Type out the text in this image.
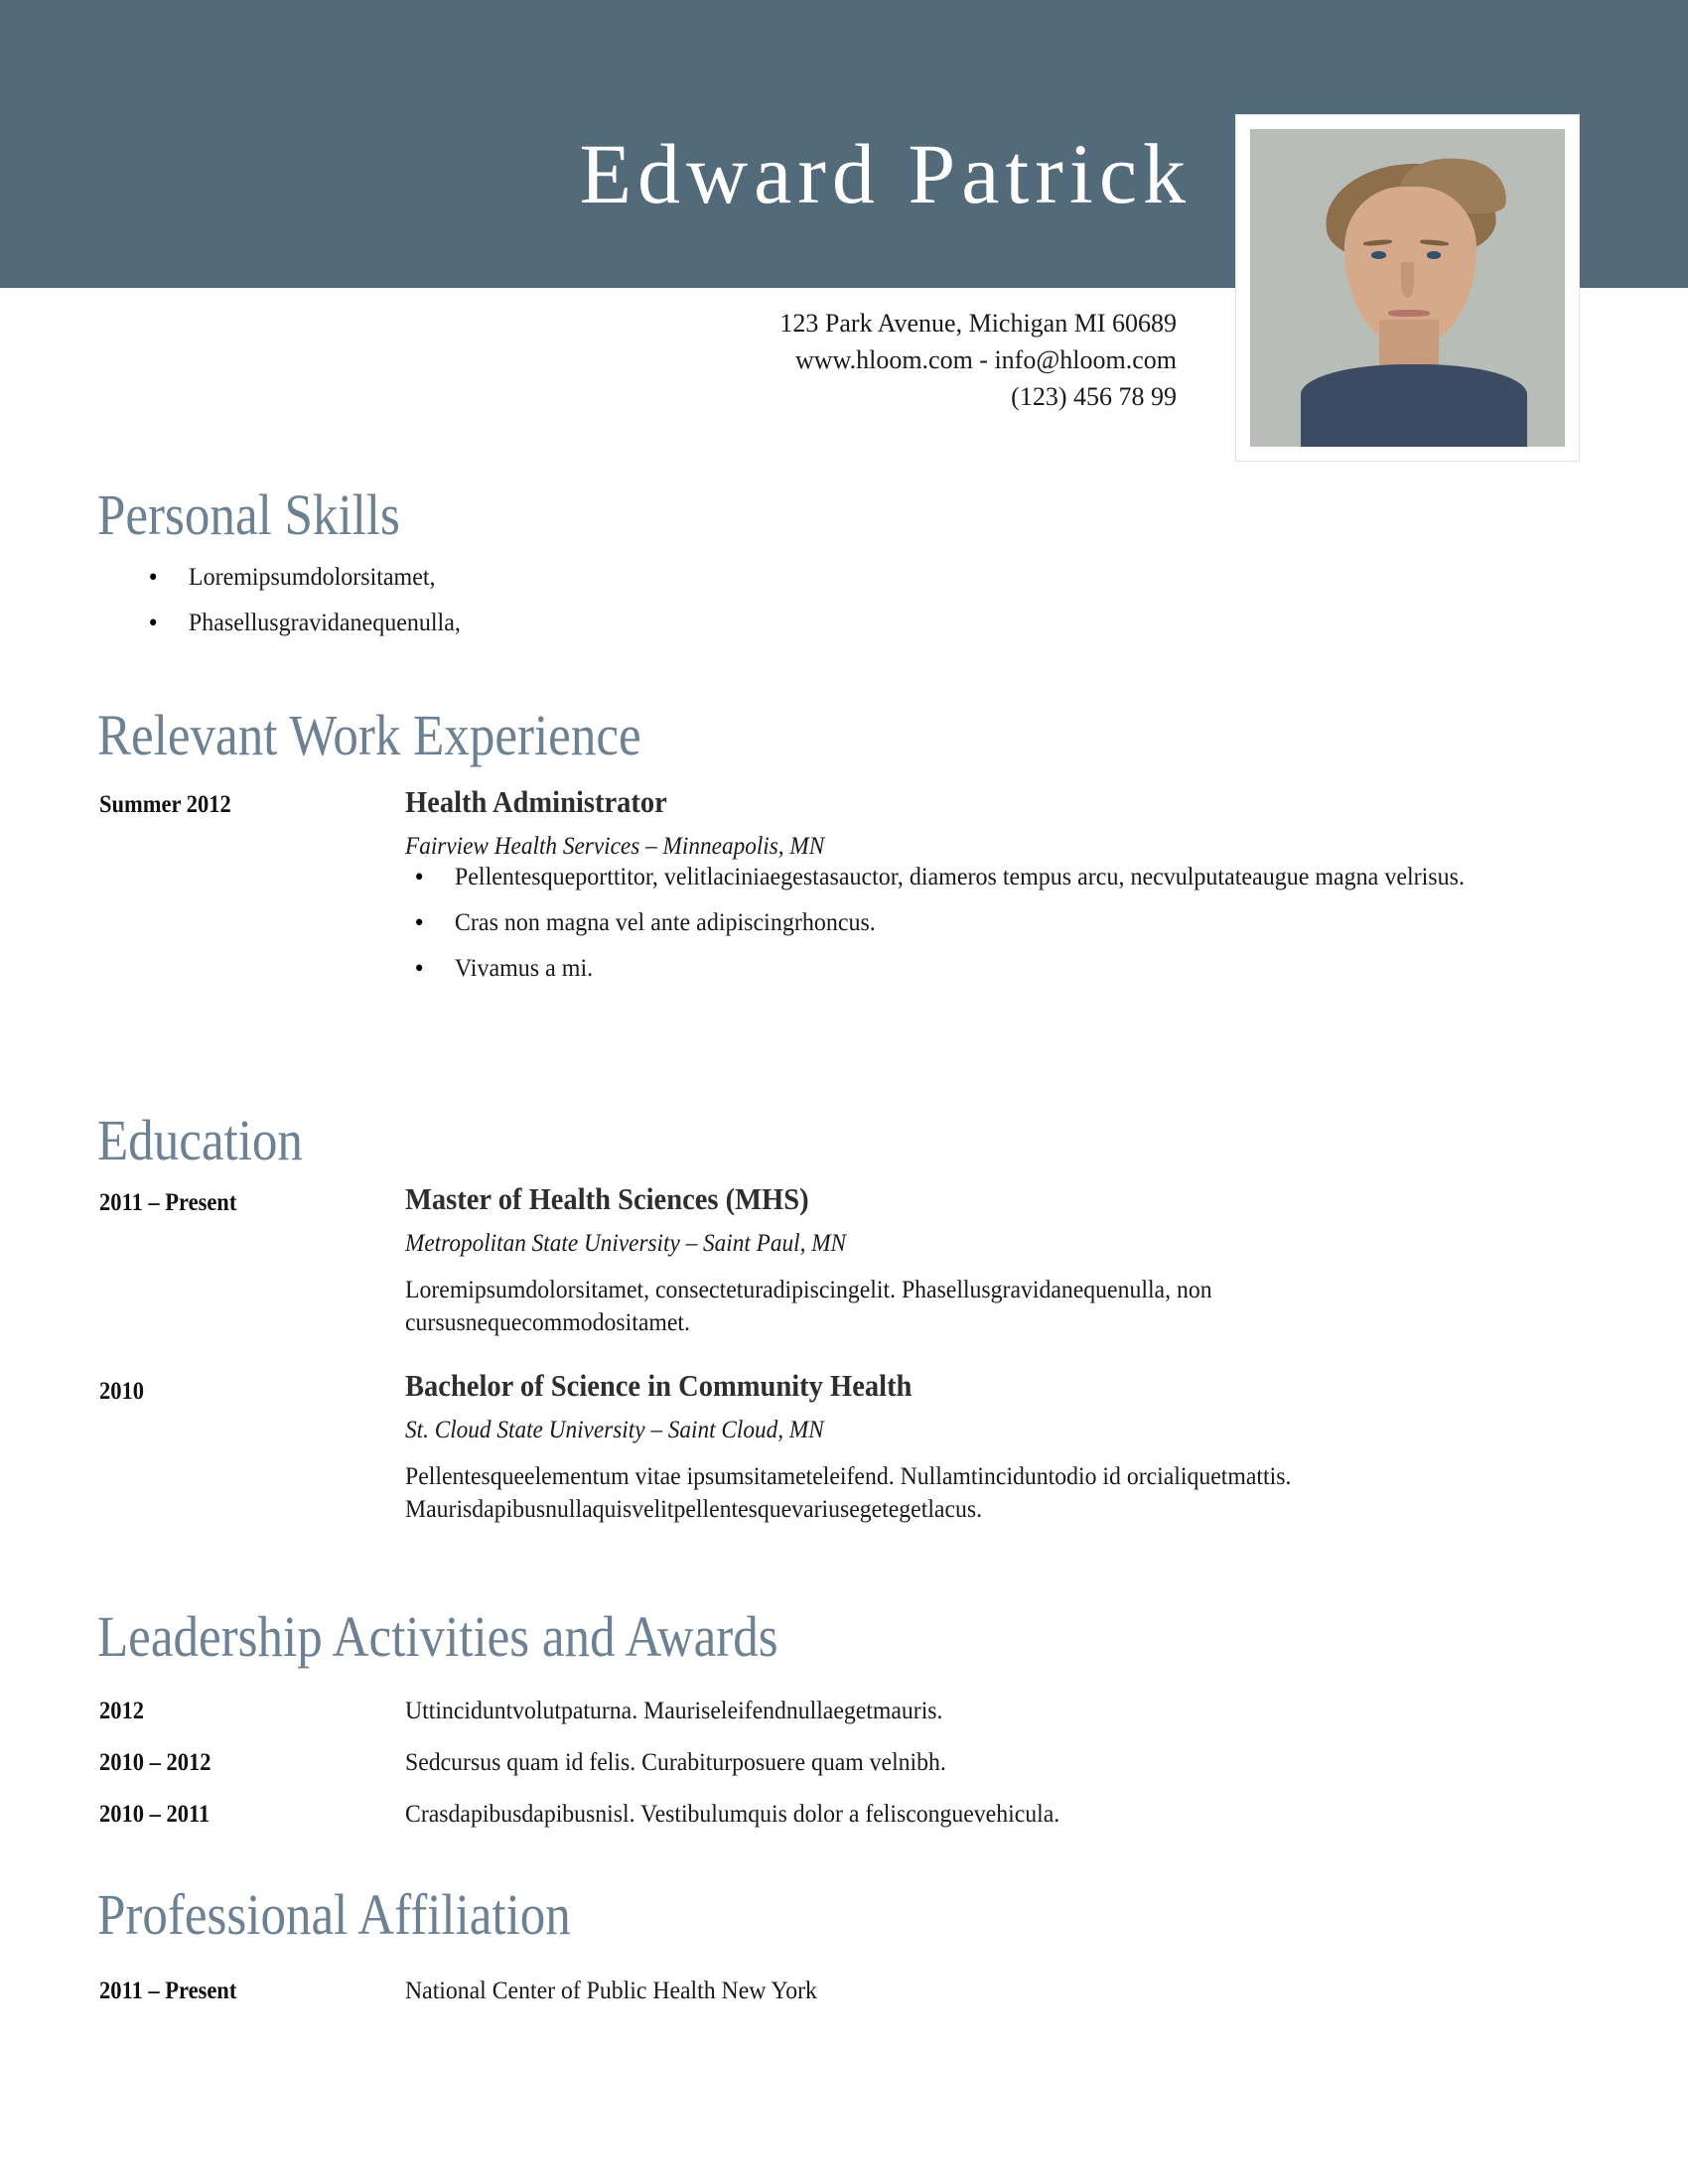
Edward Patrick
123 Park Avenue, Michigan MI 60689
www.hloom.com - info@hloom.com
(123) 456 78 99
Personal Skills
• Loremipsumdolorsitamet,
• Phasellusgravidanequenulla,
Relevant Work Experience
Summer 2012	Health Administrator
Fairview Health Services – Minneapolis, MN
• Pellentesqueporttitor, velitlaciniaegestasauctor, diameros tempus arcu, necvulputateaugue magna velrisus.
• Cras non magna vel ante adipiscingrhoncus.
• Vivamus a mi.
Education
2011 – Present	Master of Health Sciences (MHS)
Metropolitan State University – Saint Paul, MN
Loremipsumdolorsitamet, consecteturadipiscingelit. Phasellusgravidanequenulla, non cursusnequecommodositamet.
2010	Bachelor of Science in Community Health
St. Cloud State University – Saint Cloud, MN
Pellentesqueelementum vitae ipsumsitameteleifend. Nullamtinciduntodio id orcialiquetmattis. Maurisdapibusnullaquisvelitpellentesquevariusegetegetlacus.
Leadership Activities and Awards
2012	Uttinciduntvolutpaturna. Mauriseleifendnullaegetmauris.
2010 – 2012	Sedcursus quam id felis. Curabiturposuere quam velnibh.
2010 – 2011	Crasdapibusdapibusnisl. Vestibulumquis dolor a felisconguevehicula.
Professional Affiliation
2011 – Present	National Center of Public Health New York
